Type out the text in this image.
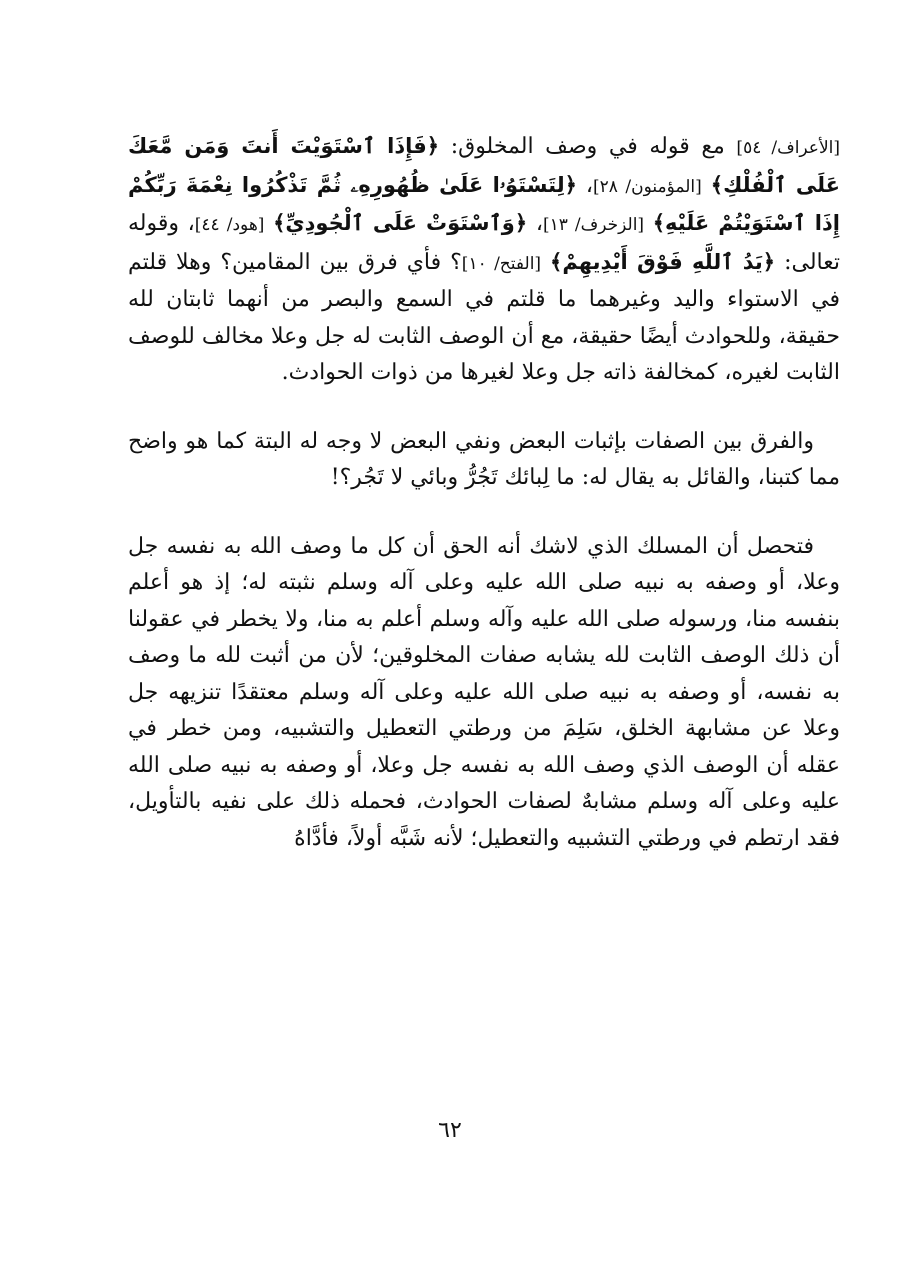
[الأعراف/ ٥٤] مع قوله في وصف المخلوق: ﴿فَإِذَا ٱسْتَوَيْتَ أَنتَ وَمَن مَّعَكَ عَلَى ٱلْفُلْكِ﴾ [المؤمنون/ ٢٨]، ﴿لِتَسْتَوُۥا عَلَىٰ ظُهُورِهِۦ ثُمَّ تَذْكُرُوا نِعْمَةَ رَبِّكُمْ إِذَا ٱسْتَوَيْتُمْ عَلَيْهِ﴾ [الزخرف/ ١٣]، ﴿وَٱسْتَوَتْ عَلَى ٱلْجُودِيِّ﴾ [هود/ ٤٤]، وقوله تعالى: ﴿يَدُ ٱللَّهِ فَوْقَ أَيْدِيهِمْ﴾ [الفتح/ ١٠]؟ فأي فرق بين المقامين؟ وهلا قلتم في الاستواء واليد وغيرهما ما قلتم في السمع والبصر من أنهما ثابتان لله حقيقة، وللحوادث أيضًا حقيقة، مع أن الوصف الثابت له جل وعلا مخالف للوصف الثابت لغيره، كمخالفة ذاته جل وعلا لغيرها من ذوات الحوادث.

والفرق بين الصفات بإثبات البعض ونفي البعض لا وجه له البتة كما هو واضح مما كتبنا، والقائل به يقال له: ما لِبائك تَجُرُّ وبائي لا تَجُر؟!

فتحصل أن المسلك الذي لاشك أنه الحق أن كل ما وصف الله به نفسه جل وعلا، أو وصفه به نبيه صلى الله عليه وعلى آله وسلم نثبته له؛ إذ هو أعلم بنفسه منا، ورسوله صلى الله عليه وآله وسلم أعلم به منا، ولا يخطر في عقولنا أن ذلك الوصف الثابت لله يشابه صفات المخلوقين؛ لأن من أثبت لله ما وصف به نفسه، أو وصفه به نبيه صلى الله عليه وعلى آله وسلم معتقدًا تنزيهه جل وعلا عن مشابهة الخلق، سَلِمَ من ورطتي التعطيل والتشبيه، ومن خطر في عقله أن الوصف الذي وصف الله به نفسه جل وعلا، أو وصفه به نبيه صلى الله عليه وعلى آله وسلم مشابهٌ لصفات الحوادث، فحمله ذلك على نفيه بالتأويل، فقد ارتطم في ورطتي التشبيه والتعطيل؛ لأنه شَبَّه أولاً، فأدَّاهُ

٦٢
